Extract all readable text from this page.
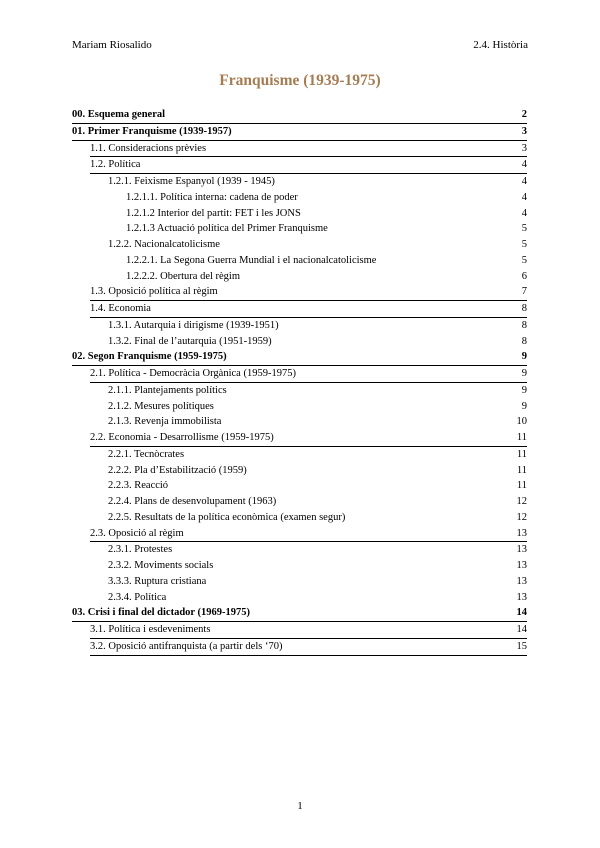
Mariam Riosalido	2.4. Història
Franquisme (1939-1975)
00. Esquema general	2
01. Primer Franquisme (1939-1957)	3
1.1. Consideracions prèvies	3
1.2. Política	4
1.2.1. Feixisme Espanyol (1939 - 1945)	4
1.2.1.1. Política interna: cadena de poder	4
1.2.1.2 Interior del partit: FET i les JONS	4
1.2.1.3 Actuació política del Primer Franquisme	5
1.2.2. Nacionalcatolicisme	5
1.2.2.1. La Segona Guerra Mundial i el nacionalcatolicisme	5
1.2.2.2. Obertura del règim	6
1.3. Oposició política al règim	7
1.4. Economia	8
1.3.1. Autarquia i dirigisme (1939-1951)	8
1.3.2. Final de l’autarquia (1951-1959)	8
02. Segon Franquisme (1959-1975)	9
2.1. Política - Democràcia Orgànica (1959-1975)	9
2.1.1. Plantejaments polítics	9
2.1.2. Mesures polítiques	9
2.1.3. Revenja immobilista	10
2.2. Economia - Desarrollisme (1959-1975)	11
2.2.1. Tecnòcrates	11
2.2.2. Pla d’Estabilització (1959)	11
2.2.3. Reacció	11
2.2.4. Plans de desenvolupament (1963)	12
2.2.5. Resultats de la política econòmica (examen segur)	12
2.3. Oposició al règim	13
2.3.1. Protestes	13
2.3.2. Moviments socials	13
3.3.3. Ruptura cristiana	13
2.3.4. Política	13
03. Crisi i final del dictador (1969-1975)	14
3.1. Política i esdeveniments	14
3.2. Oposició antifranquista (a partir dels ‘70)	15
1
